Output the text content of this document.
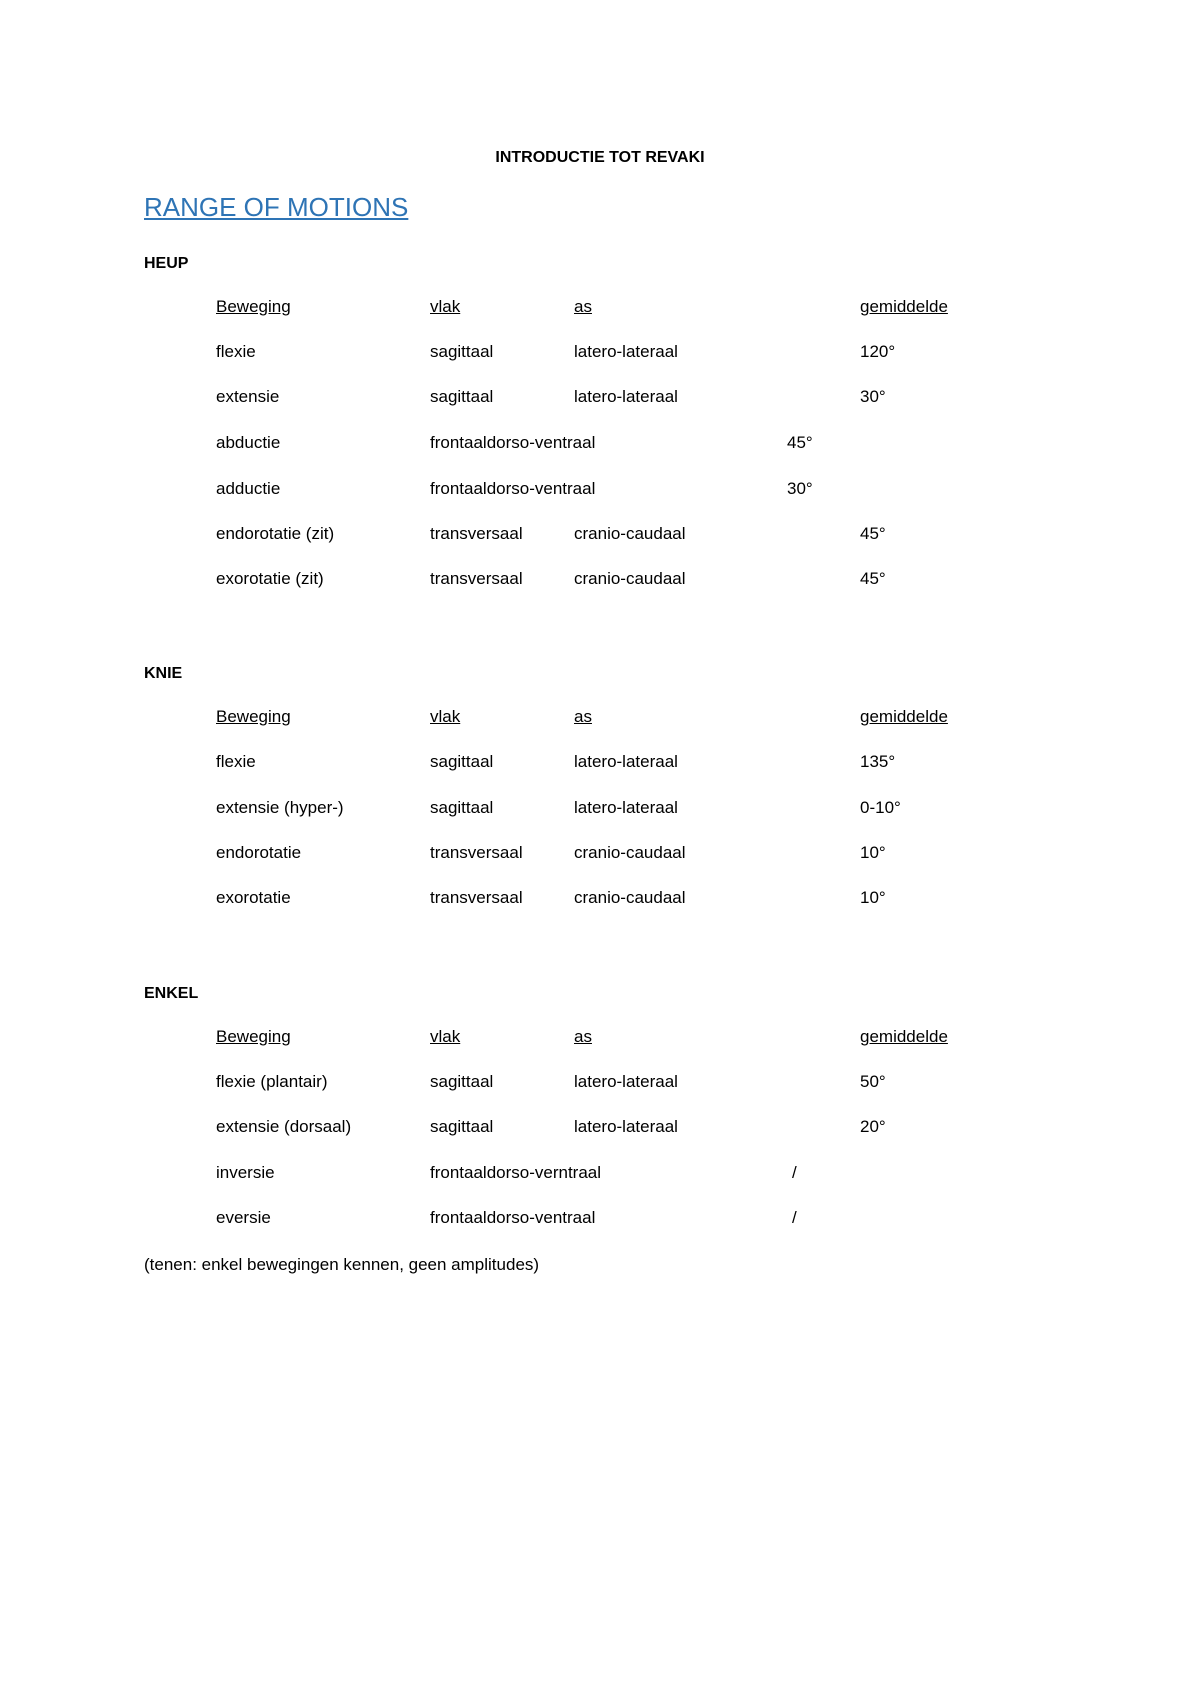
INTRODUCTIE TOT REVAKI
RANGE OF MOTIONS
HEUP
Beweging	vlak	as	gemiddelde
flexie	sagittaal	latero-lateraal	120°
extensie	sagittaal	latero-lateraal	30°
abductie	frontaaldorso-ventraal	45°
adductie	frontaaldorso-ventraal	30°
endorotatie (zit)	transversaal	cranio-caudaal	45°
exorotatie (zit)	transversaal	cranio-caudaal	45°
KNIE
Beweging	vlak	as	gemiddelde
flexie	sagittaal	latero-lateraal	135°
extensie (hyper-)	sagittaal	latero-lateraal	0-10°
endorotatie	transversaal	cranio-caudaal	10°
exorotatie	transversaal	cranio-caudaal	10°
ENKEL
Beweging	vlak	as	gemiddelde
flexie (plantair)	sagittaal	latero-lateraal	50°
extensie (dorsaal)	sagittaal	latero-lateraal	20°
inversie	frontaaldorso-verntraal	/
eversie	frontaaldorso-ventraal	/
(tenen: enkel bewegingen kennen, geen amplitudes)
